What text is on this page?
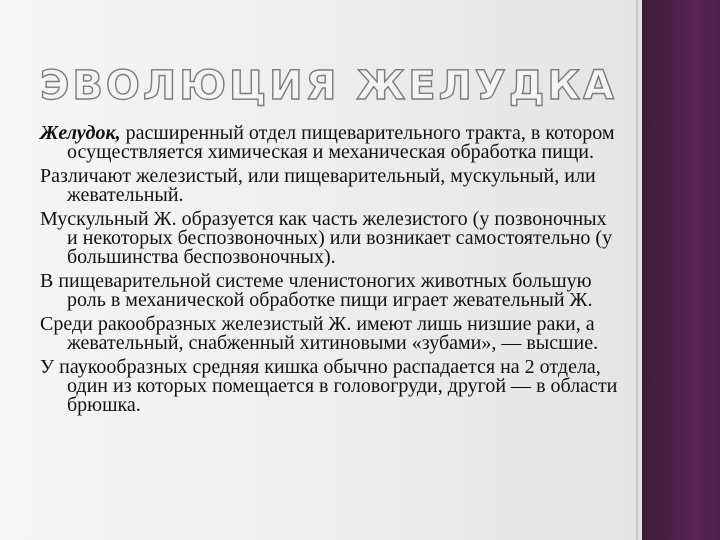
ЭВОЛЮЦИЯ ЖЕЛУДКА

Желудок, расширенный отдел пищеварительного тракта, в котором осуществляется химическая и механическая обработка пищи.

Различают железистый, или пищеварительный, мускульный, или жевательный.

Мускульный Ж. образуется как часть железистого (у позвоночных и некоторых беспозвоночных) или возникает самостоятельно (у большинства беспозвоночных).

В пищеварительной системе членистоногих животных большую роль в механической обработке пищи играет жевательный Ж.

Среди ракообразных железистый Ж. имеют лишь низшие раки, а жевательный, снабженный хитиновыми «зубами», — высшие.

У паукообразных средняя кишка обычно распадается на 2 отдела, один из которых помещается в головогруди, другой — в области брюшка.
